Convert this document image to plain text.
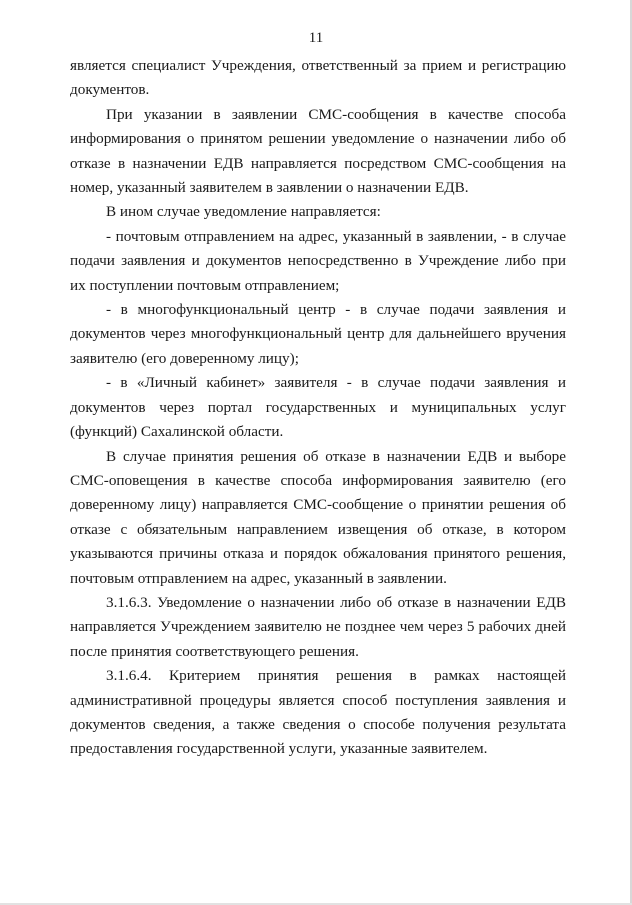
11

является специалист Учреждения, ответственный за прием и регистрацию документов.

При указании в заявлении СМС-сообщения в качестве способа информирования о принятом решении уведомление о назначении либо об отказе в назначении ЕДВ направляется посредством СМС-сообщения на номер, указанный заявителем в заявлении о назначении ЕДВ.

В ином случае уведомление направляется:

- почтовым отправлением на адрес, указанный в заявлении, - в случае подачи заявления и документов непосредственно в Учреждение либо при их поступлении почтовым отправлением;

- в многофункциональный центр - в случае подачи заявления и документов через многофункциональный центр для дальнейшего вручения заявителю (его доверенному лицу);

- в «Личный кабинет» заявителя - в случае подачи заявления и документов через портал государственных и муниципальных услуг (функций) Сахалинской области.

В случае принятия решения об отказе в назначении ЕДВ и выборе СМС-оповещения в качестве способа информирования заявителю (его доверенному лицу) направляется СМС-сообщение о принятии решения об отказе с обязательным направлением извещения об отказе, в котором указываются причины отказа и порядок обжалования принятого решения, почтовым отправлением на адрес, указанный в заявлении.

3.1.6.3. Уведомление о назначении либо об отказе в назначении ЕДВ направляется Учреждением заявителю не позднее чем через 5 рабочих дней после принятия соответствующего решения.

3.1.6.4. Критерием принятия решения в рамках настоящей административной процедуры является способ поступления заявления и документов сведения, а также сведения о способе получения результата предоставления государственной услуги, указанные заявителем.
